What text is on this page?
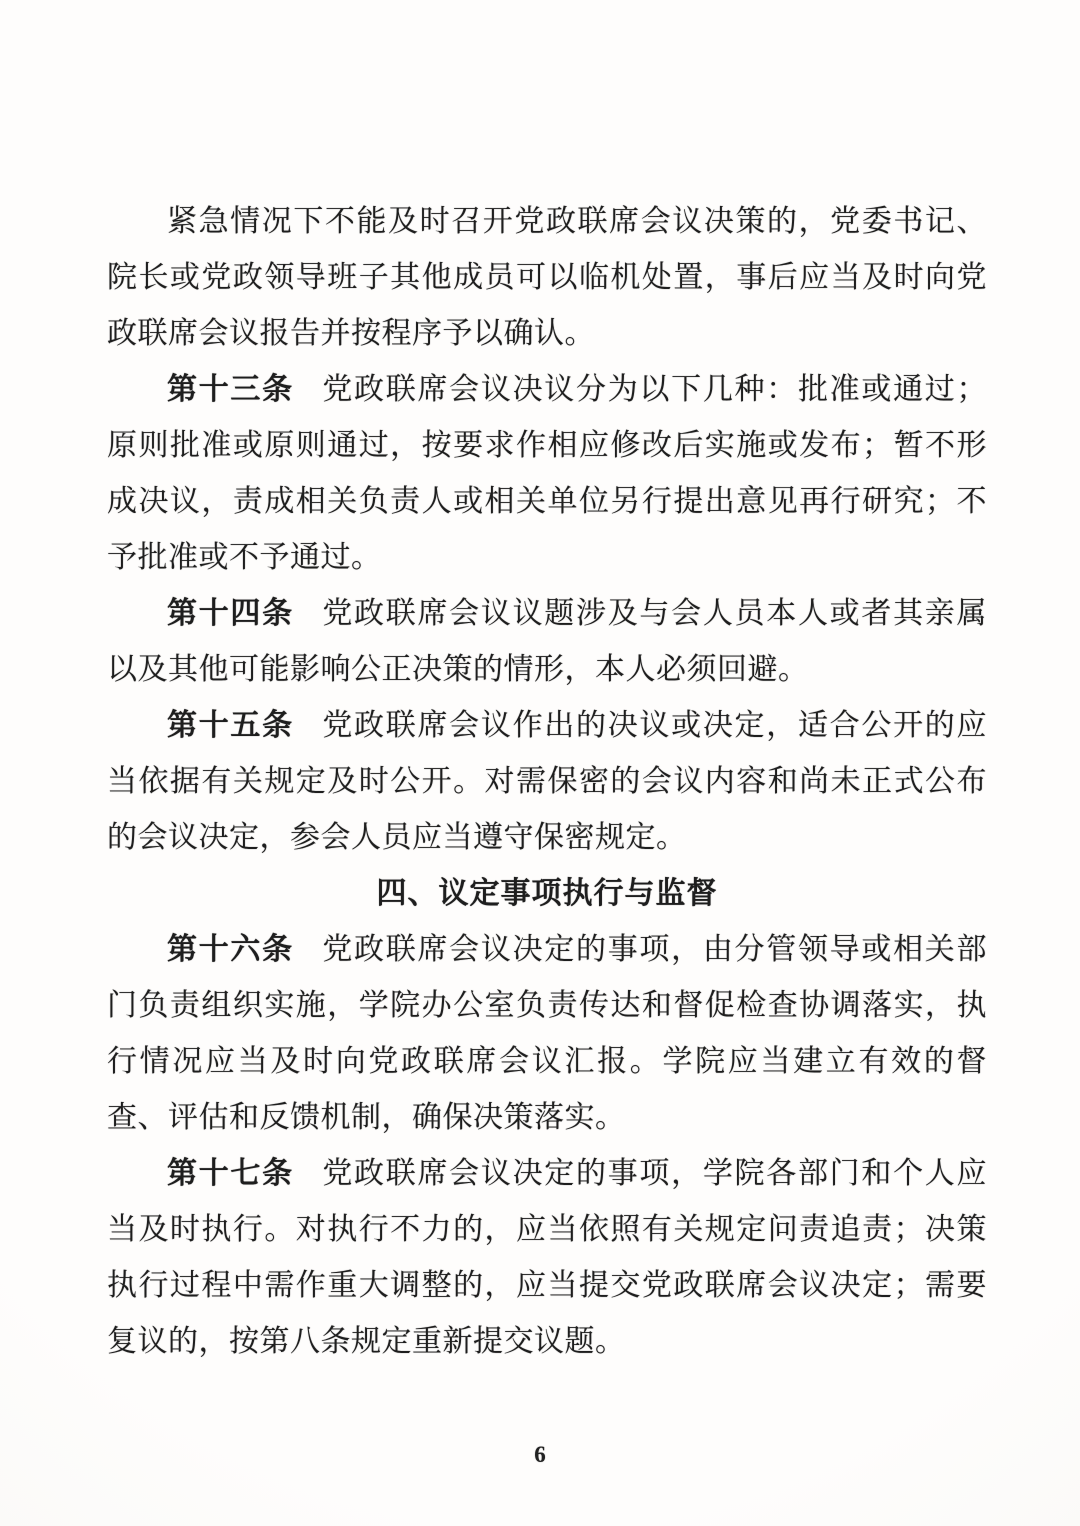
紧急情况下不能及时召开党政联席会议决策的，党委书记、院长或党政领导班子其他成员可以临机处置，事后应当及时向党政联席会议报告并按程序予以确认。

第十三条 党政联席会议决议分为以下几种：批准或通过；原则批准或原则通过，按要求作相应修改后实施或发布；暂不形成决议，责成相关负责人或相关单位另行提出意见再行研究；不予批准或不予通过。

第十四条 党政联席会议议题涉及与会人员本人或者其亲属以及其他可能影响公正决策的情形，本人必须回避。

第十五条 党政联席会议作出的决议或决定，适合公开的应当依据有关规定及时公开。对需保密的会议内容和尚未正式公布的会议决定，参会人员应当遵守保密规定。

四、议定事项执行与监督

第十六条 党政联席会议决定的事项，由分管领导或相关部门负责组织实施，学院办公室负责传达和督促检查协调落实，执行情况应当及时向党政联席会议汇报。学院应当建立有效的督查、评估和反馈机制，确保决策落实。

第十七条 党政联席会议决定的事项，学院各部门和个人应当及时执行。对执行不力的，应当依照有关规定问责追责；决策执行过程中需作重大调整的，应当提交党政联席会议决定；需要复议的，按第八条规定重新提交议题。

6
